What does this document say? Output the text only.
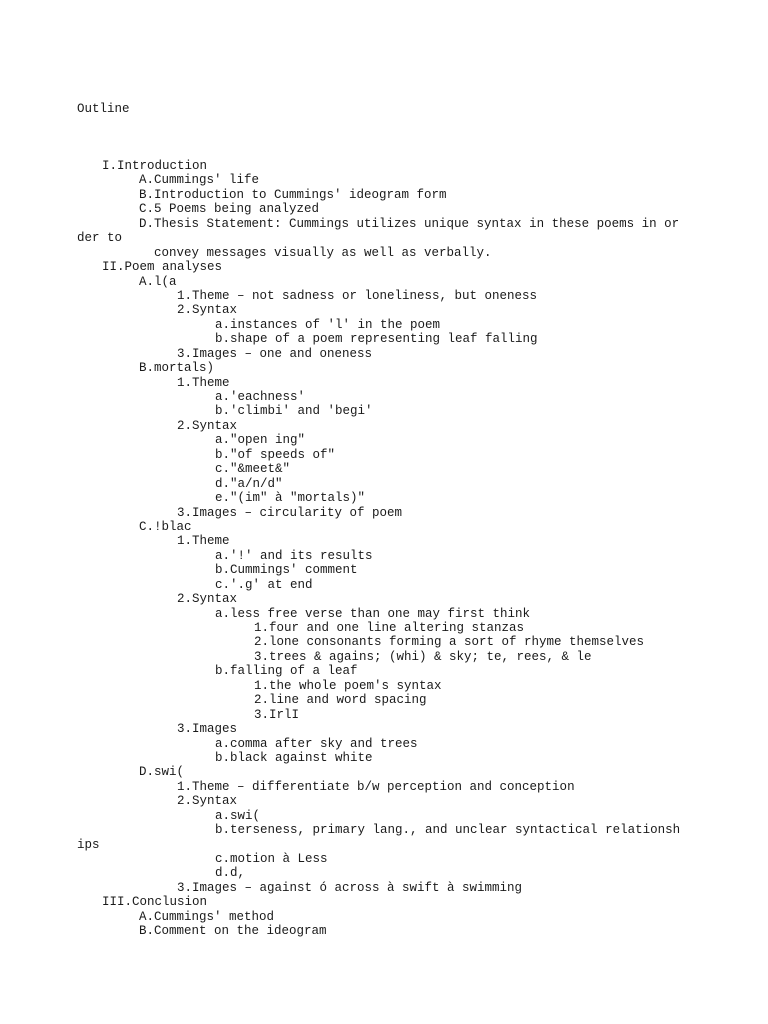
Outline
I.Introduction
A.Cummings' life
B.Introduction to Cummings' ideogram form
C.5 Poems being analyzed
D.Thesis Statement: Cummings utilizes unique syntax in these poems in or
der to
convey messages visually as well as verbally.
II.Poem analyses
A.l(a
1.Theme – not sadness or loneliness, but oneness
2.Syntax
a.instances of 'l' in the poem
b.shape of a poem representing leaf falling
3.Images – one and oneness
B.mortals)
1.Theme
a.'eachness'
b.'climbi' and 'begi'
2.Syntax
a."open ing"
b."of speeds of"
c."&meet&"
d."a/n/d"
e."(im" à "mortals)"
3.Images – circularity of poem
C.!blac
1.Theme
a.'!' and its results
b.Cummings' comment
c.'.g' at end
2.Syntax
a.less free verse than one may first think
1.four and one line altering stanzas
2.lone consonants forming a sort of rhyme themselves
3.trees & agains; (whi) & sky; te, rees, & le
b.falling of a leaf
1.the whole poem's syntax
2.line and word spacing
3.IrlI
3.Images
a.comma after sky and trees
b.black against white
D.swi(
1.Theme – differentiate b/w perception and conception
2.Syntax
a.swi(
b.terseness, primary lang., and unclear syntactical relationsh
ips
c.motion à Less
d.d,
3.Images – against ó across à swift à swimming
III.Conclusion
A.Cummings' method
B.Comment on the ideogram
